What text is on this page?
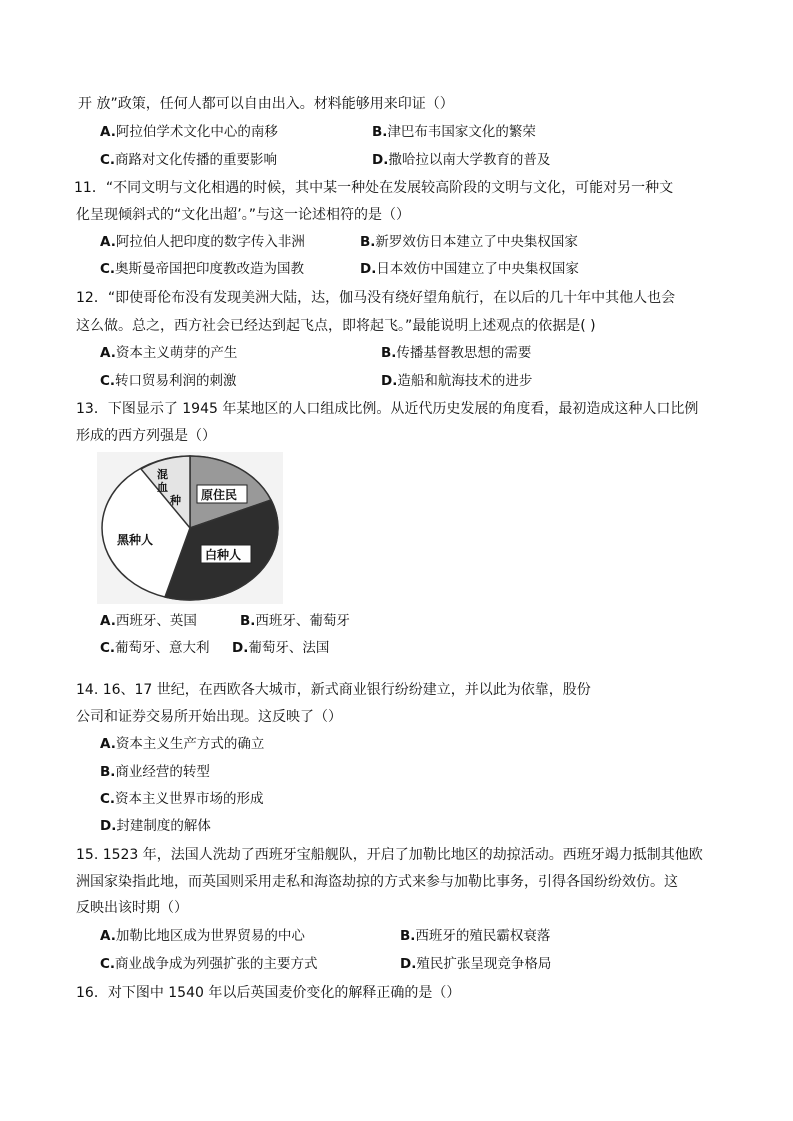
开 放”政策，任何人都可以自由出入。材料能够用来印证（）
A.阿拉伯学术文化中心的南移	B.津巴布韦国家文化的繁荣
C.商路对文化传播的重要影响	D.撒哈拉以南大学教育的普及
11．“不同文明与文化相遇的时候，其中某一种处在发展较高阶段的文明与文化，可能对另一种文
化呈现倾斜式的“文化出超’。”与这一论述相符的是（）
A.阿拉伯人把印度的数字传入非洲	B.新罗效仿日本建立了中央集权国家
C.奥斯曼帝国把印度教改造为国教	D.日本效仿中国建立了中央集权国家
12．“即使哥伦布没有发现美洲大陆，达，伽马没有绕好望角航行，在以后的几十年中其他人也会
这么做。总之，西方社会已经达到起飞点，即将起飞。”最能说明上述观点的依据是( )
A.资本主义萌芽的产生	B.传播基督教思想的需要
C.转口贸易利润的刺激	D.造船和航海技术的进步
13．下图显示了 1945 年某地区的人口组成比例。从近代历史发展的角度看，最初造成这种人口比例
形成的西方列强是（）
混
血
种 原住民
白种人
黑种人
A.西班牙、英国	B.西班牙、葡萄牙
C.葡萄牙、意大利 D.葡萄牙、法国
14. 16、17 世纪，在西欧各大城市，新式商业银行纷纷建立，并以此为依靠，股份
公司和证券交易所开始出现。这反映了（）
A.资本主义生产方式的确立
B.商业经营的转型
C.资本主义世界市场的形成
D.封建制度的解体
15. 1523 年，法国人洗劫了西班牙宝船舰队，开启了加勒比地区的劫掠活动。西班牙竭力抵制其他欧
洲国家染指此地，而英国则采用走私和海盗劫掠的方式来参与加勒比事务，引得各国纷纷效仿。这
反映出该时期（）
A.加勒比地区成为世界贸易的中心	B.西班牙的殖民霸权衰落
C.商业战争成为列强扩张的主要方式	D.殖民扩张呈现竞争格局
16．对下图中 1540 年以后英国麦价变化的解释正确的是（）
